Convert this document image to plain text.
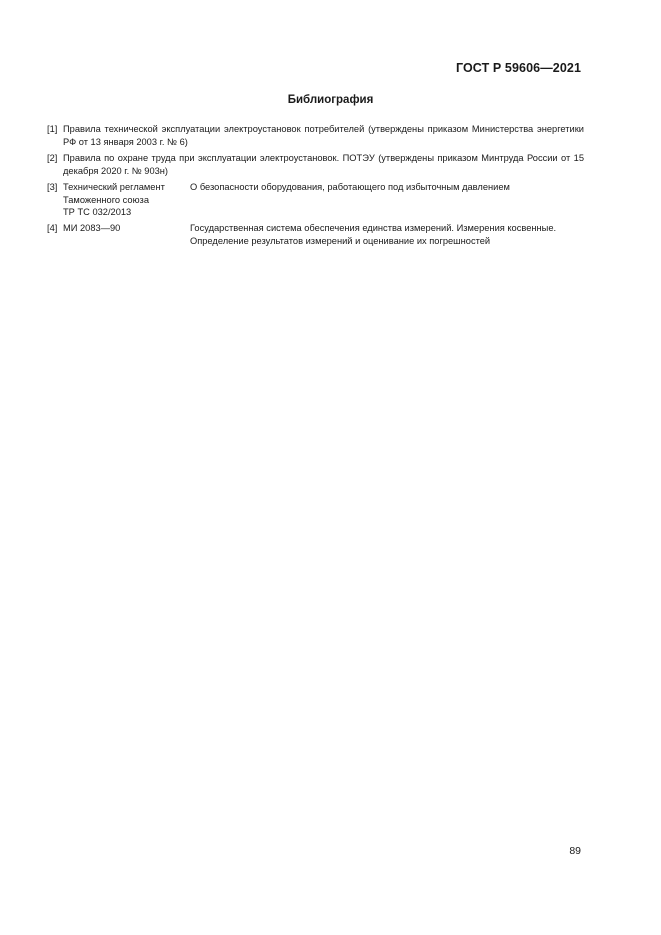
ГОСТ Р 59606—2021
Библиография
[1] Правила технической эксплуатации электроустановок потребителей (утверждены приказом Министерства энергетики РФ от 13 января 2003 г. № 6)
[2] Правила по охране труда при эксплуатации электроустановок. ПОТЭУ (утверждены приказом Минтруда России от 15 декабря 2020 г. № 903н)
[3] Технический регламент
Таможенного союза
ТР ТС 032/2013
О безопасности оборудования, работающего под избыточным давлением
[4] МИ 2083—90	Государственная система обеспечения единства измерений. Измерения косвенные.
Определение результатов измерений и оценивание их погрешностей
89
